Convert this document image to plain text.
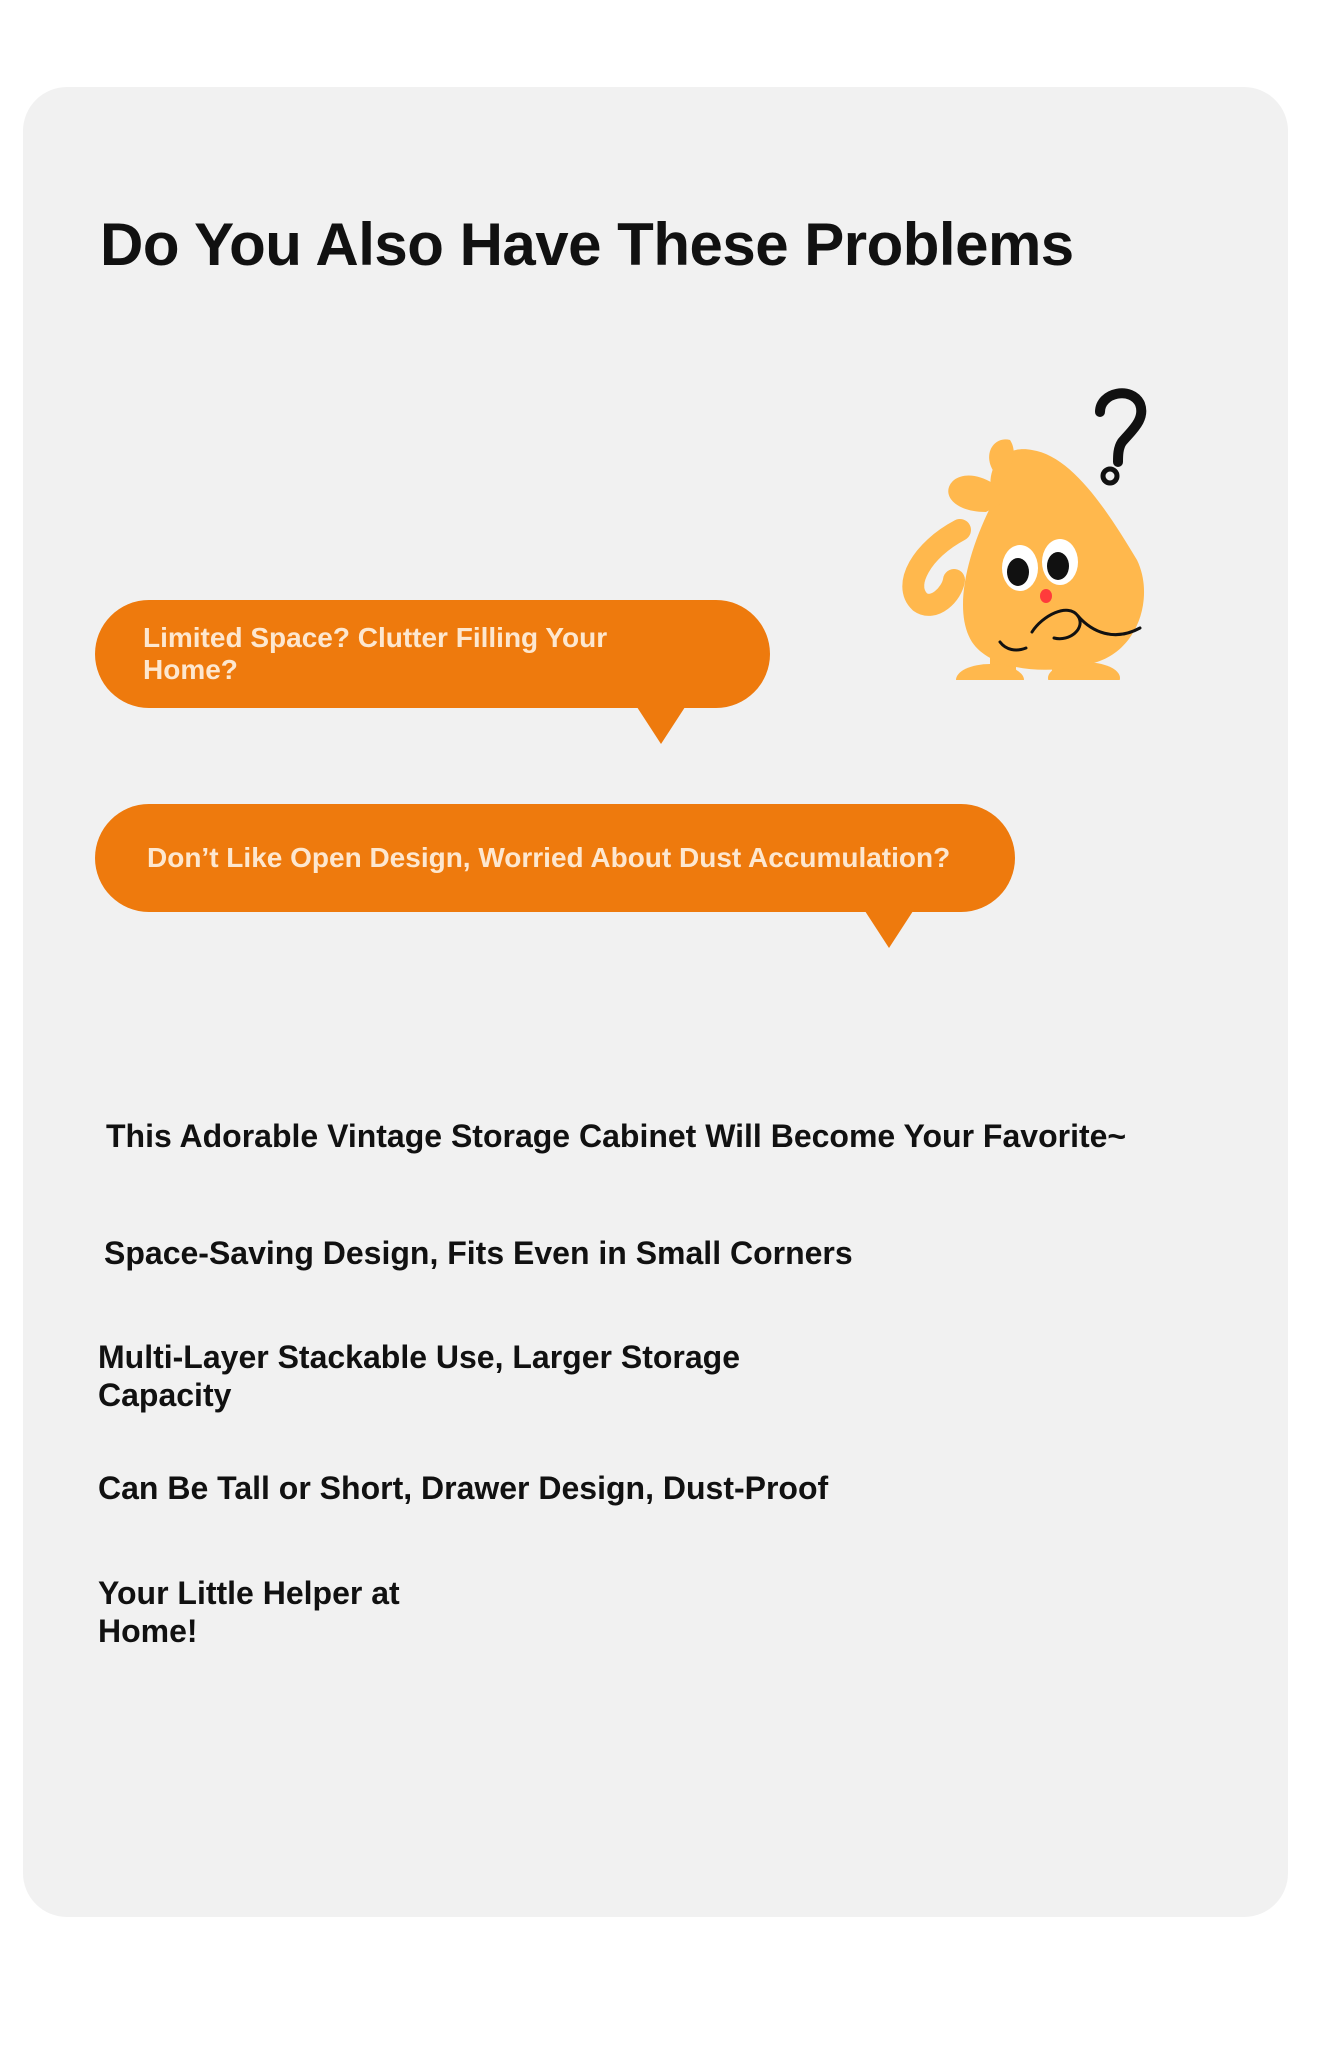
Do You Also Have These Problems
Limited Space? Clutter Filling Your Home?
Don’t Like Open Design, Worried About Dust Accumulation?

This Adorable Vintage Storage Cabinet Will Become Your Favorite~

Space-Saving Design, Fits Even in Small Corners

Multi-Layer Stackable Use, Larger Storage Capacity

Can Be Tall or Short, Drawer Design, Dust-Proof

Your Little Helper at Home!
